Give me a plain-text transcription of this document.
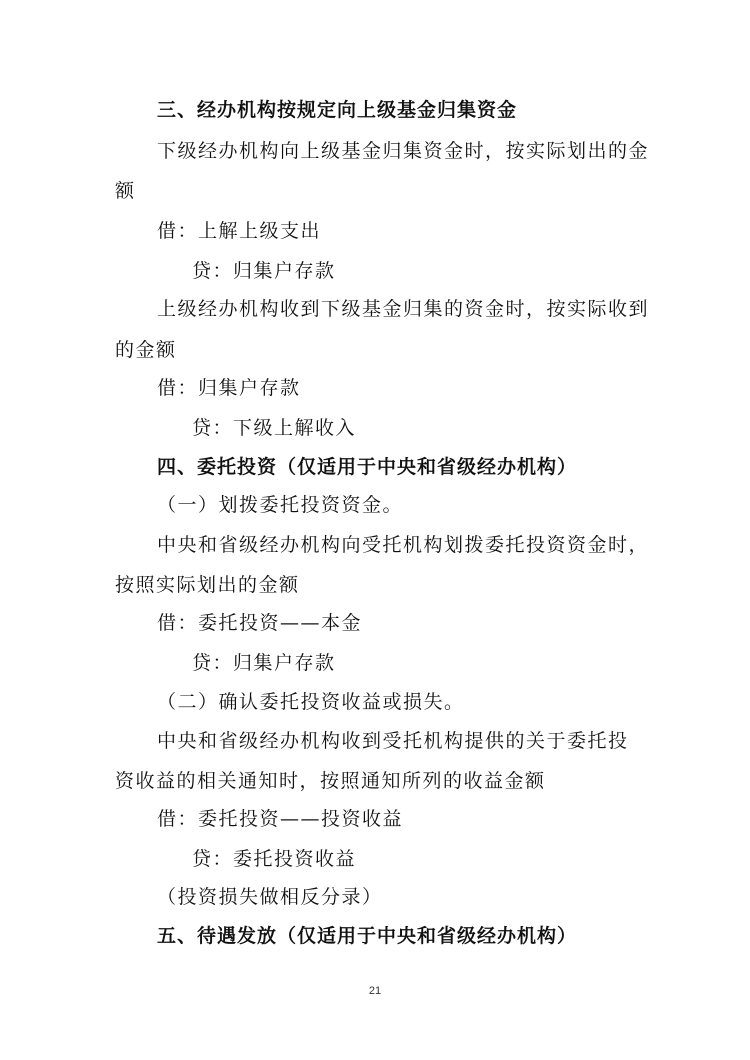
三、经办机构按规定向上级基金归集资金
下级经办机构向上级基金归集资金时，按实际划出的金
额
借：上解上级支出
贷：归集户存款
上级经办机构收到下级基金归集的资金时，按实际收到
的金额
借：归集户存款
贷：下级上解收入
四、委托投资（仅适用于中央和省级经办机构）
（一）划拨委托投资资金。
中央和省级经办机构向受托机构划拨委托投资资金时，
按照实际划出的金额
借：委托投资——本金
贷：归集户存款
（二）确认委托投资收益或损失。
中央和省级经办机构收到受托机构提供的关于委托投
资收益的相关通知时，按照通知所列的收益金额
借：委托投资——投资收益
贷：委托投资收益
（投资损失做相反分录）
五、待遇发放（仅适用于中央和省级经办机构）
21
